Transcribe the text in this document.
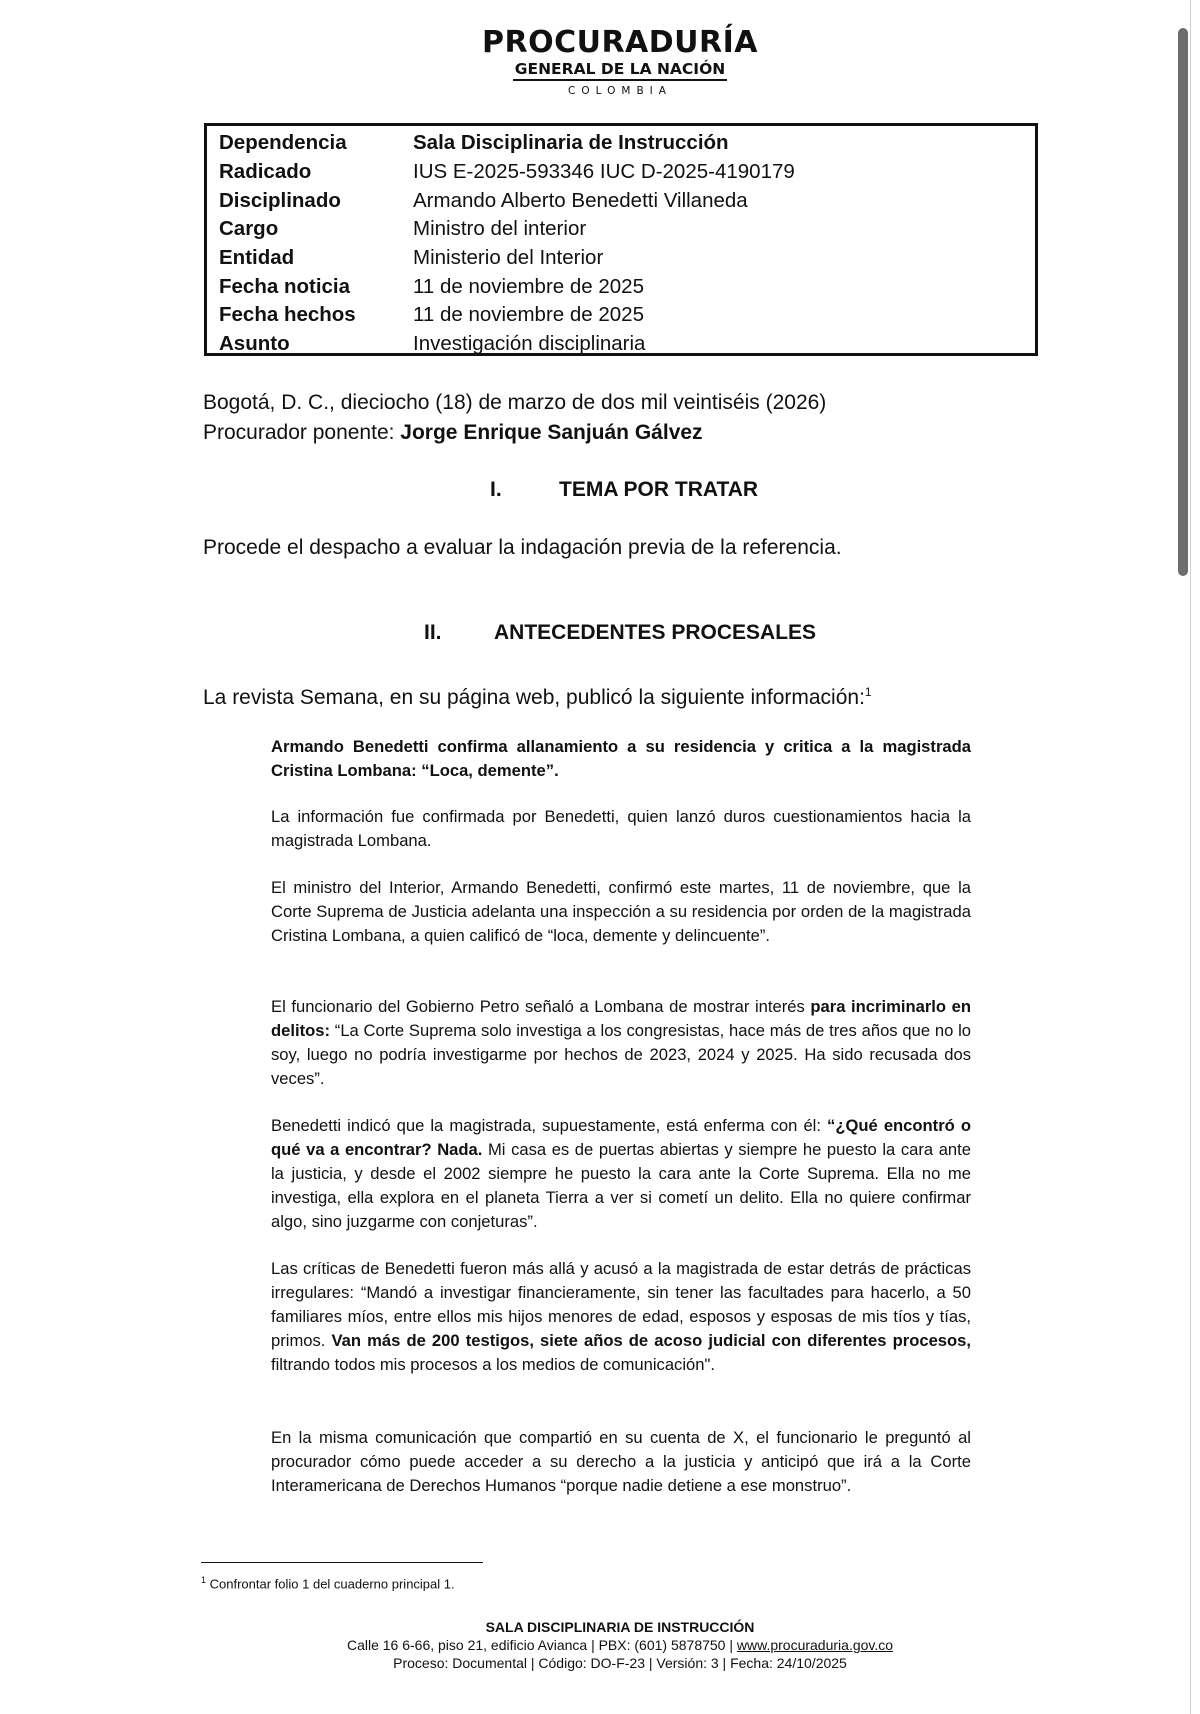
PROCURADURÍA
GENERAL DE LA NACIÓN
COLOMBIA
Dependencia	Sala Disciplinaria de Instrucción
Radicado	IUS E-2025-593346 IUC D-2025-4190179
Disciplinado	Armando Alberto Benedetti Villaneda
Cargo	Ministro del interior
Entidad	Ministerio del Interior
Fecha noticia	11 de noviembre de 2025
Fecha hechos	11 de noviembre de 2025
Asunto	Investigación disciplinaria
Bogotá, D. C., dieciocho (18) de marzo de dos mil veintiséis (2026)
Procurador ponente: Jorge Enrique Sanjuán Gálvez
I.	TEMA POR TRATAR
Procede el despacho a evaluar la indagación previa de la referencia.
II. ANTECEDENTES PROCESALES
La revista Semana, en su página web, publicó la siguiente información:$^1$
Armando Benedetti confirma allanamiento a su residencia y critica a la magistrada Cristina Lombana: “Loca, demente”.
La información fue confirmada por Benedetti, quien lanzó duros cuestionamientos hacia la magistrada Lombana.
El ministro del Interior, Armando Benedetti, confirmó este martes, 11 de noviembre, que la Corte Suprema de Justicia adelanta una inspección a su residencia por orden de la magistrada Cristina Lombana, a quien calificó de “loca, demente y delincuente”.
El funcionario del Gobierno Petro señaló a Lombana de mostrar interés para incriminarlo en delitos: “La Corte Suprema solo investiga a los congresistas, hace más de tres años que no lo soy, luego no podría investigarme por hechos de 2023, 2024 y 2025. Ha sido recusada dos veces”.
Benedetti indicó que la magistrada, supuestamente, está enferma con él: “¿Qué encontró o qué va a encontrar? Nada. Mi casa es de puertas abiertas y siempre he puesto la cara ante la justicia, y desde el 2002 siempre he puesto la cara ante la Corte Suprema. Ella no me investiga, ella explora en el planeta Tierra a ver si cometí un delito. Ella no quiere confirmar algo, sino juzgarme con conjeturas”.
Las críticas de Benedetti fueron más allá y acusó a la magistrada de estar detrás de prácticas irregulares: “Mandó a investigar financieramente, sin tener las facultades para hacerlo, a 50 familiares míos, entre ellos mis hijos menores de edad, esposos y esposas de mis tíos y tías, primos. Van más de 200 testigos, siete años de acoso judicial con diferentes procesos, filtrando todos mis procesos a los medios de comunicación".
En la misma comunicación que compartió en su cuenta de X, el funcionario le preguntó al procurador cómo puede acceder a su derecho a la justicia y anticipó que irá a la Corte Interamericana de Derechos Humanos “porque nadie detiene a ese monstruo”.
$^1$ Confrontar folio 1 del cuaderno principal 1.
SALA DISCIPLINARIA DE INSTRUCCIÓN
Calle 16 6-66, piso 21, edificio Avianca | PBX: (601) 5878750 | www.procuraduria.gov.co
Proceso: Documental | Código: DO-F-23 | Versión: 3 | Fecha: 24/10/2025
